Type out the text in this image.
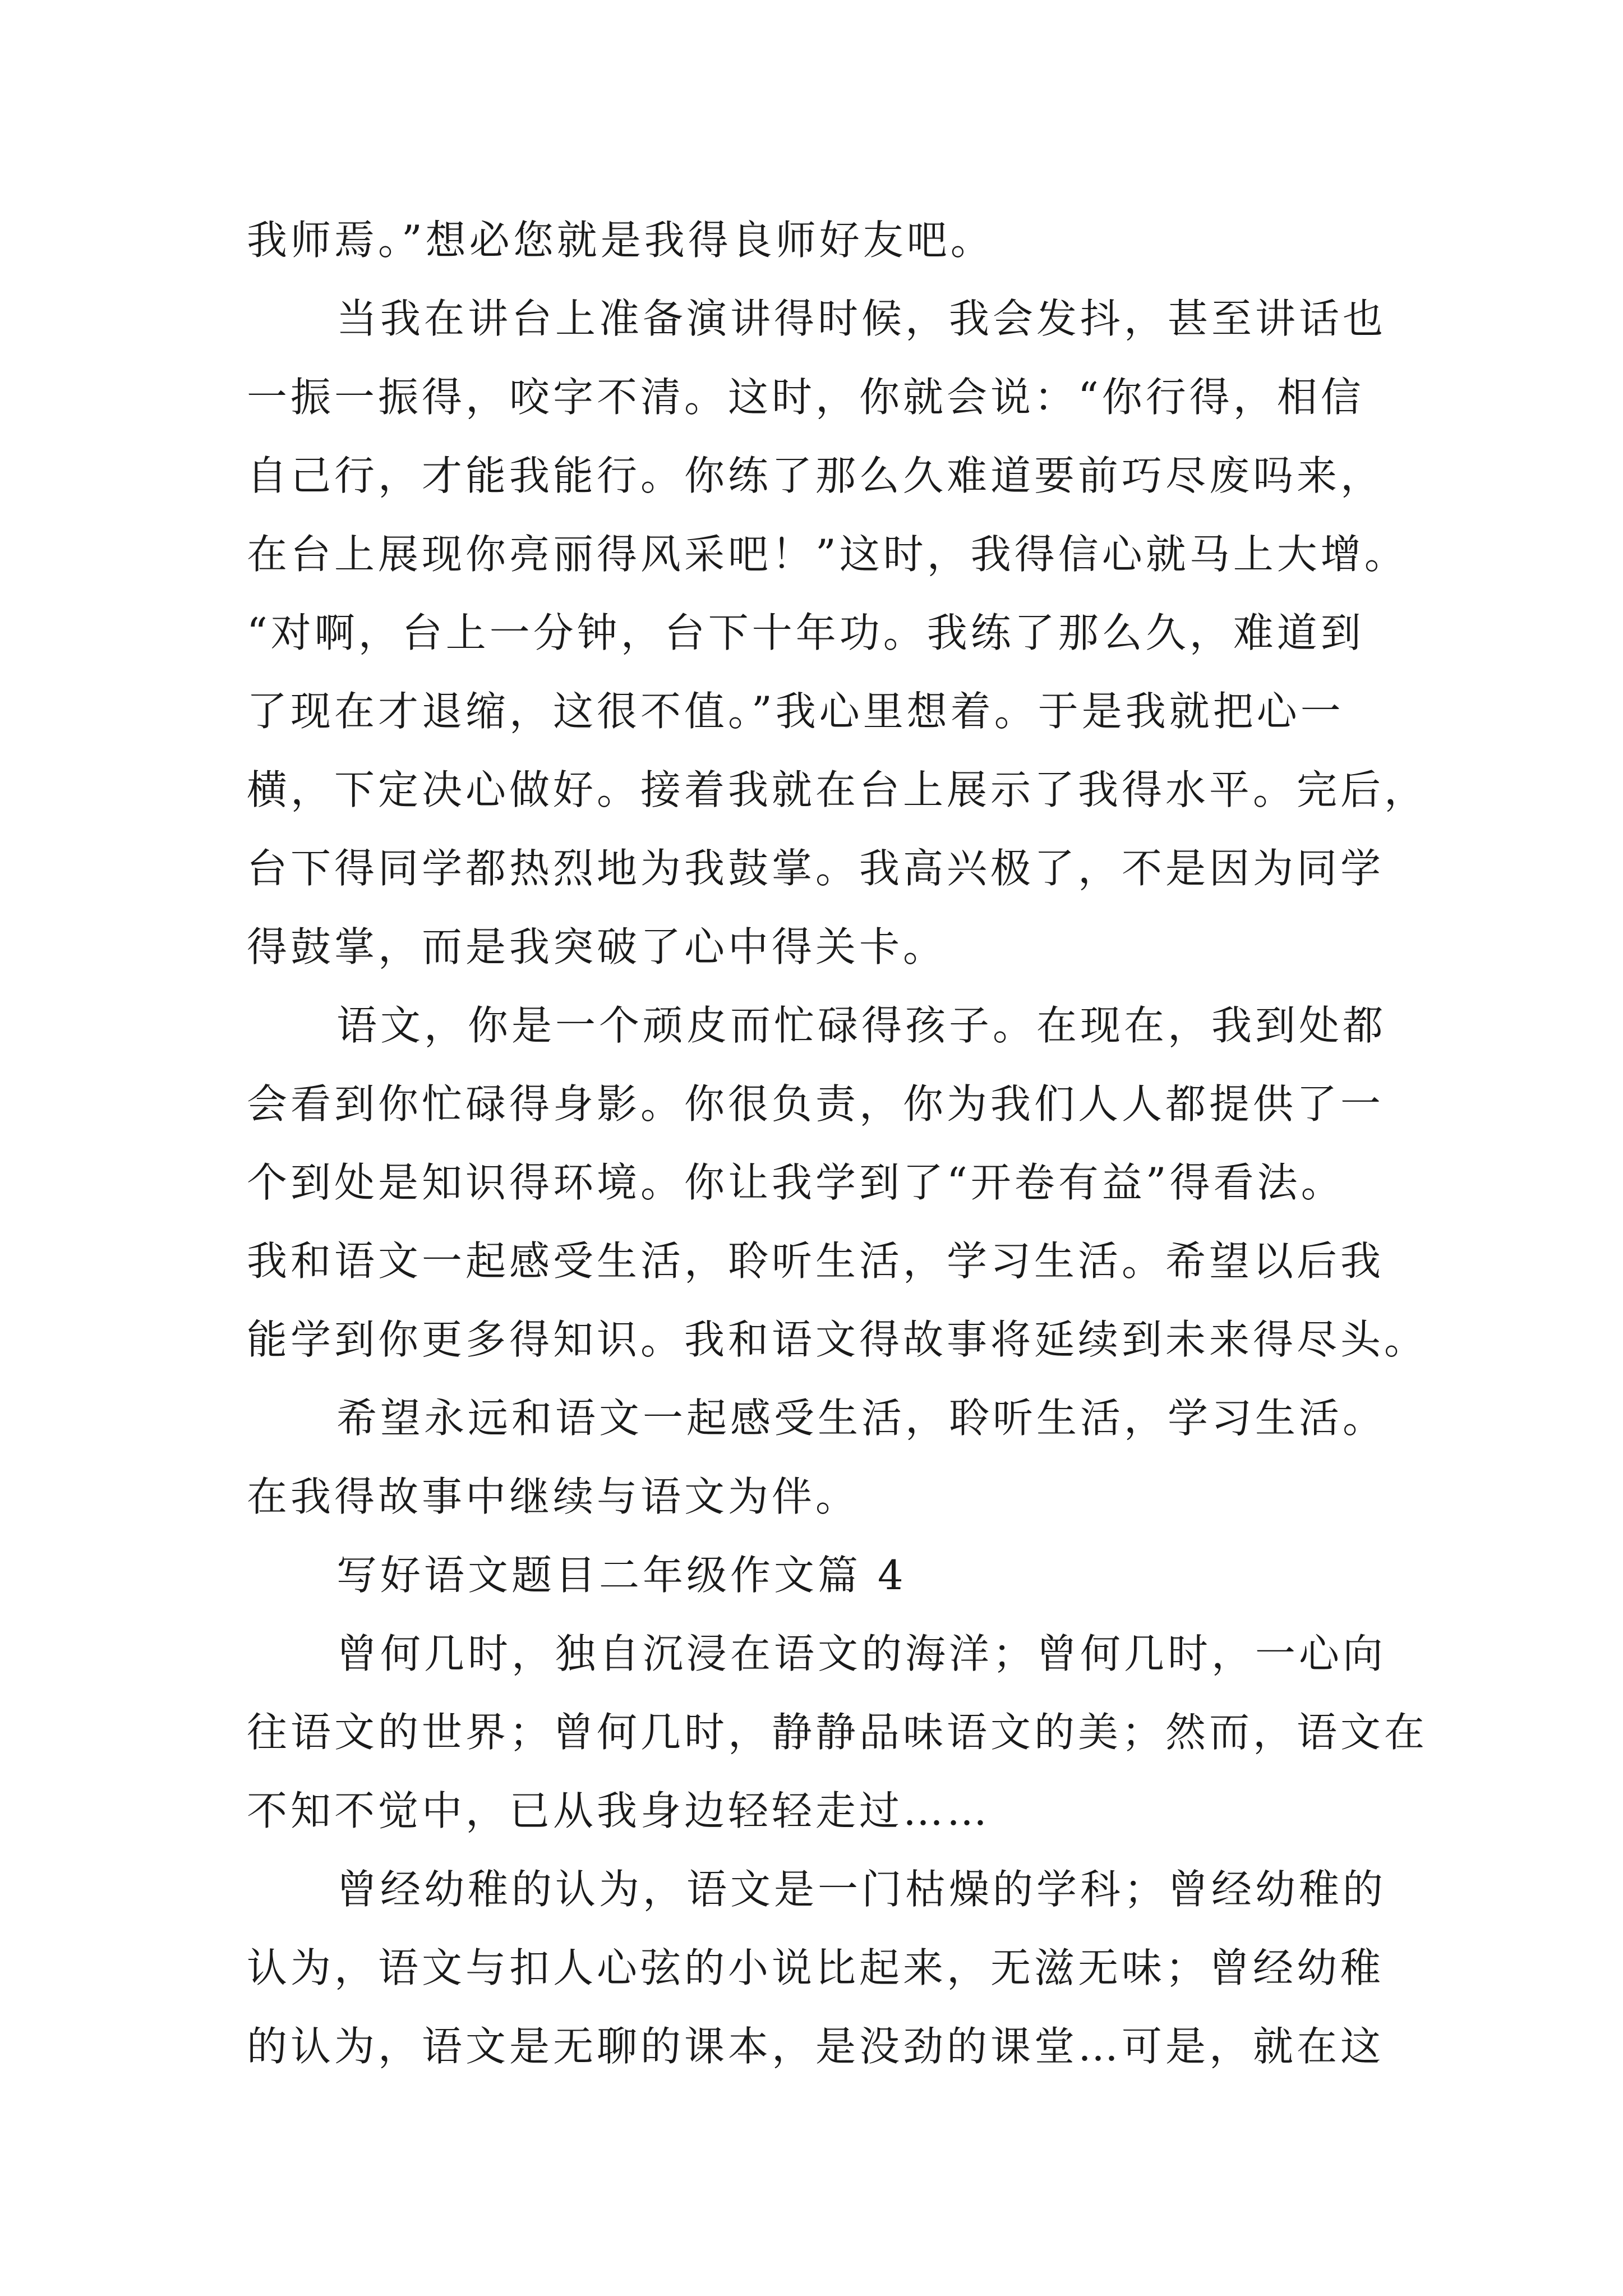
我师焉。”想必您就是我得良师好友吧。
当我在讲台上准备演讲得时候，我会发抖，甚至讲话也
一振一振得，咬字不清。这时，你就会说：“你行得，相信
自己行，才能我能行。你练了那么久难道要前巧尽废吗来，
在台上展现你亮丽得风采吧！”这时，我得信心就马上大增。
“对啊，台上一分钟，台下十年功。我练了那么久，难道到
了现在才退缩，这很不值。”我心里想着。于是我就把心一
横，下定决心做好。接着我就在台上展示了我得水平。完后，
台下得同学都热烈地为我鼓掌。我高兴极了，不是因为同学
得鼓掌，而是我突破了心中得关卡。
语文，你是一个顽皮而忙碌得孩子。在现在，我到处都
会看到你忙碌得身影。你很负责，你为我们人人都提供了一
个到处是知识得环境。你让我学到了“开卷有益”得看法。
我和语文一起感受生活，聆听生活，学习生活。希望以后我
能学到你更多得知识。我和语文得故事将延续到未来得尽头。
希望永远和语文一起感受生活，聆听生活，学习生活。
在我得故事中继续与语文为伴。
写好语文题目二年级作文篇 4
曾何几时，独自沉浸在语文的海洋；曾何几时，一心向
往语文的世界；曾何几时，静静品味语文的美；然而，语文在
不知不觉中，已从我身边轻轻走过……
曾经幼稚的认为，语文是一门枯燥的学科；曾经幼稚的
认为，语文与扣人心弦的小说比起来，无滋无味；曾经幼稚
的认为，语文是无聊的课本，是没劲的课堂…可是，就在这
